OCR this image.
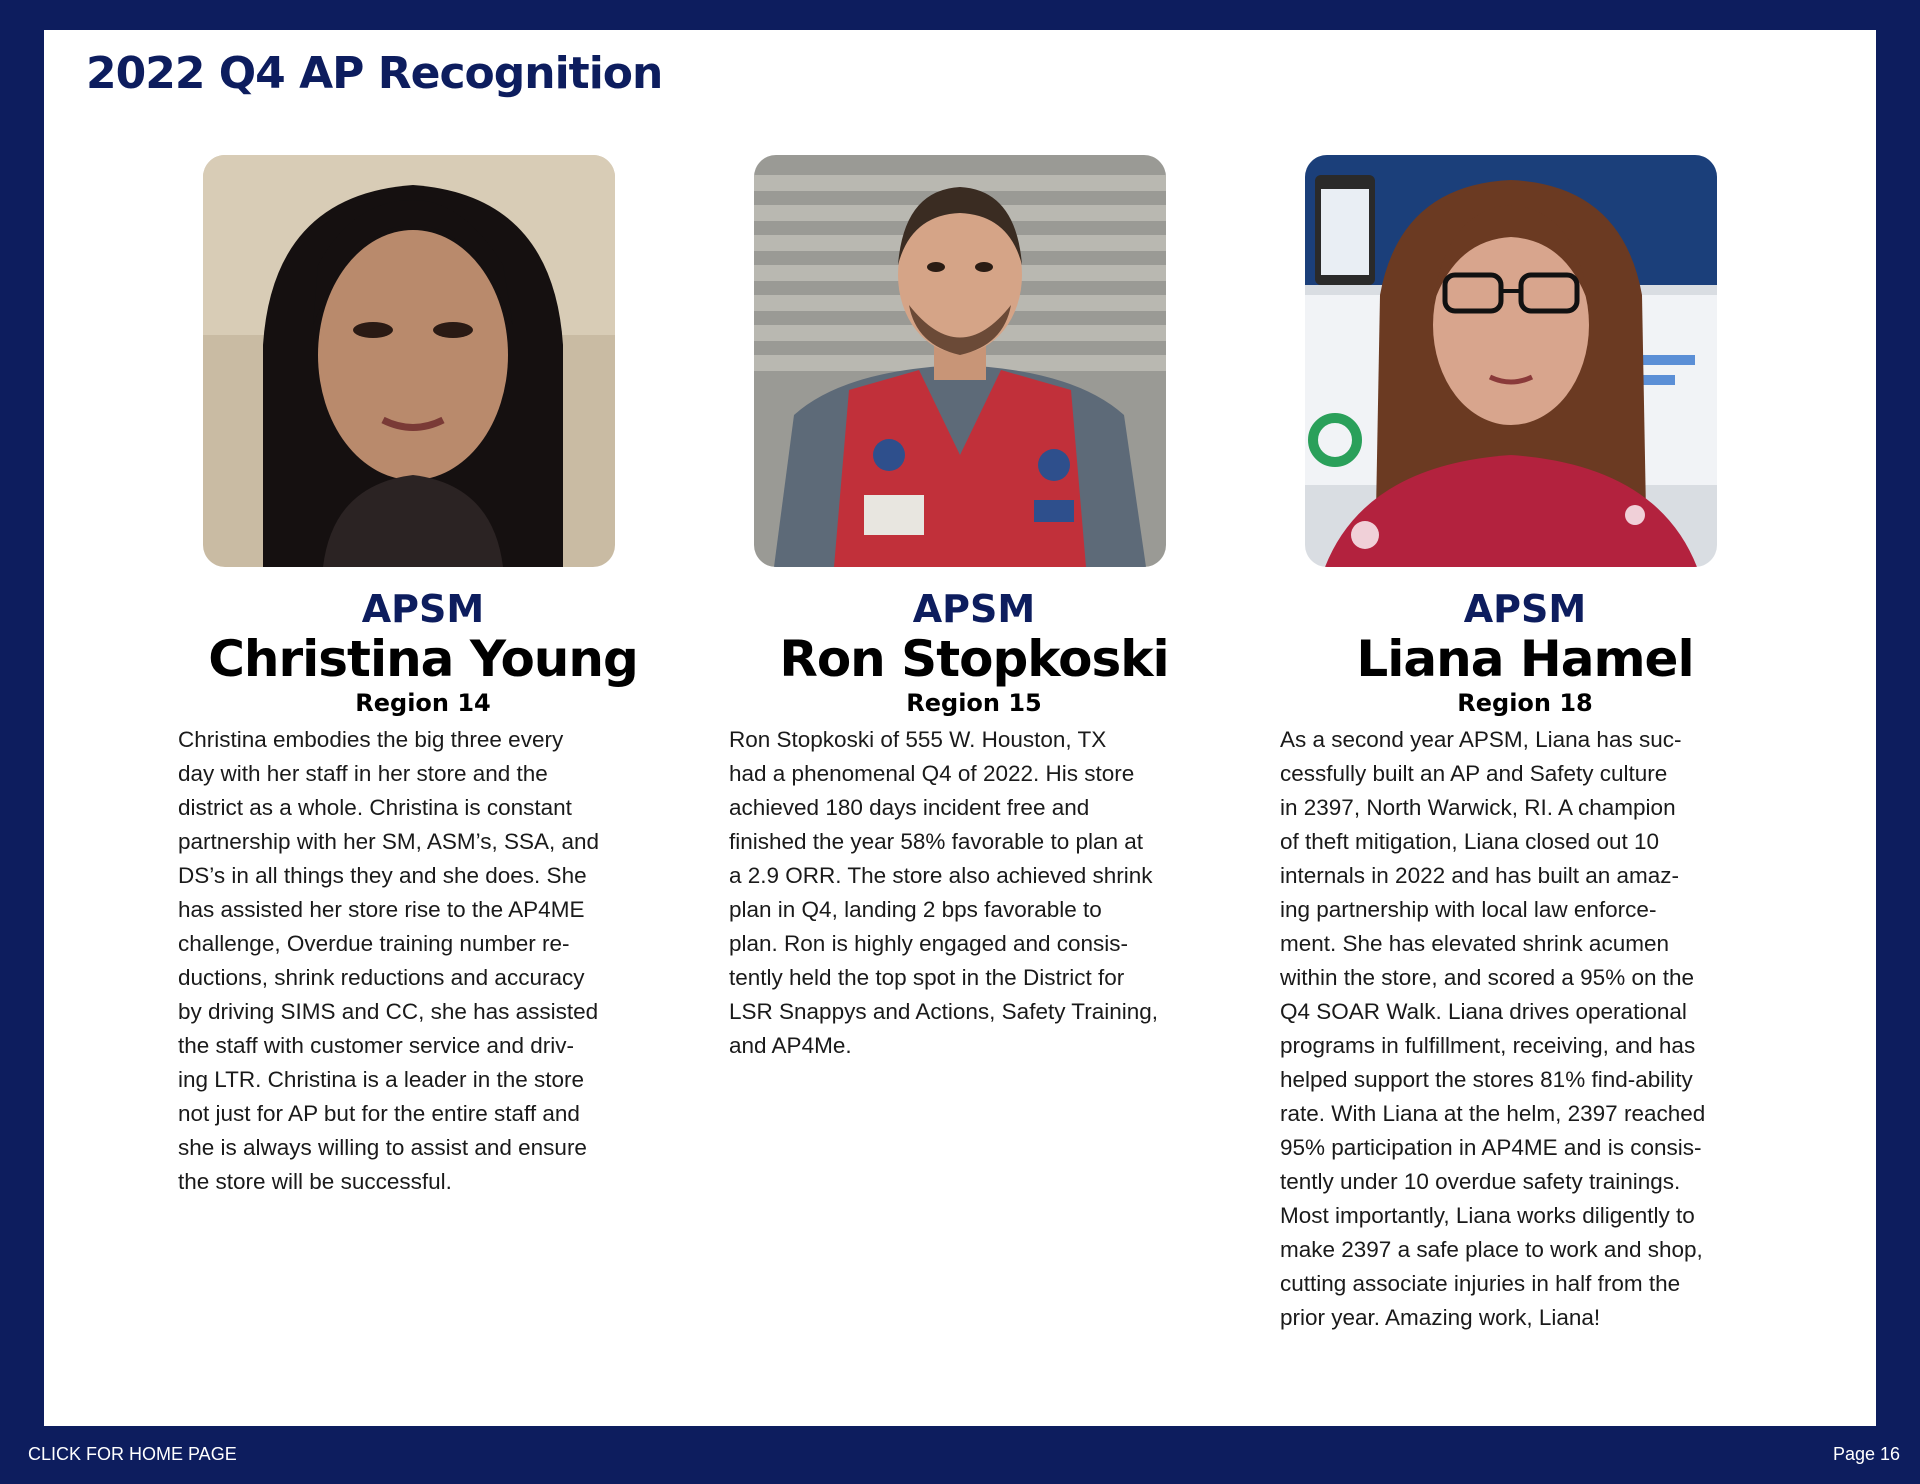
2022 Q4 AP Recognition
APSM
Christina Young
Region 14
Christina embodies the big three every
day with her staff in her store and the
district as a whole. Christina is constant
partnership with her SM, ASM’s, SSA, and
DS’s in all things they and she does. She
has assisted her store rise to the AP4ME
challenge, Overdue training number re-
ductions, shrink reductions and accuracy
by driving SIMS and CC, she has assisted
the staff with customer service and driv-
ing LTR. Christina is a leader in the store
not just for AP but for the entire staff and
she is always willing to assist and ensure
the store will be successful.
APSM
Ron Stopkoski
Region 15
Ron Stopkoski of 555 W. Houston, TX
had a phenomenal Q4 of 2022. His store
achieved 180 days incident free and
finished the year 58% favorable to plan at
a 2.9 ORR. The store also achieved shrink
plan in Q4, landing 2 bps favorable to
plan. Ron is highly engaged and consis-
tently held the top spot in the District for
LSR Snappys and Actions, Safety Training,
and AP4Me.
APSM
Liana Hamel
Region 18
As a second year APSM, Liana has suc-
cessfully built an AP and Safety culture
in 2397, North Warwick, RI. A champion
of theft mitigation, Liana closed out 10
internals in 2022 and has built an amaz-
ing partnership with local law enforce-
ment. She has elevated shrink acumen
within the store, and scored a 95% on the
Q4 SOAR Walk. Liana drives operational
programs in fulfillment, receiving, and has
helped support the stores 81% find-ability
rate. With Liana at the helm, 2397 reached
95% participation in AP4ME and is consis-
tently under 10 overdue safety trainings.
Most importantly, Liana works diligently to
make 2397 a safe place to work and shop,
cutting associate injuries in half from the
prior year. Amazing work, Liana!
CLICK FOR HOME PAGE	Page 16
